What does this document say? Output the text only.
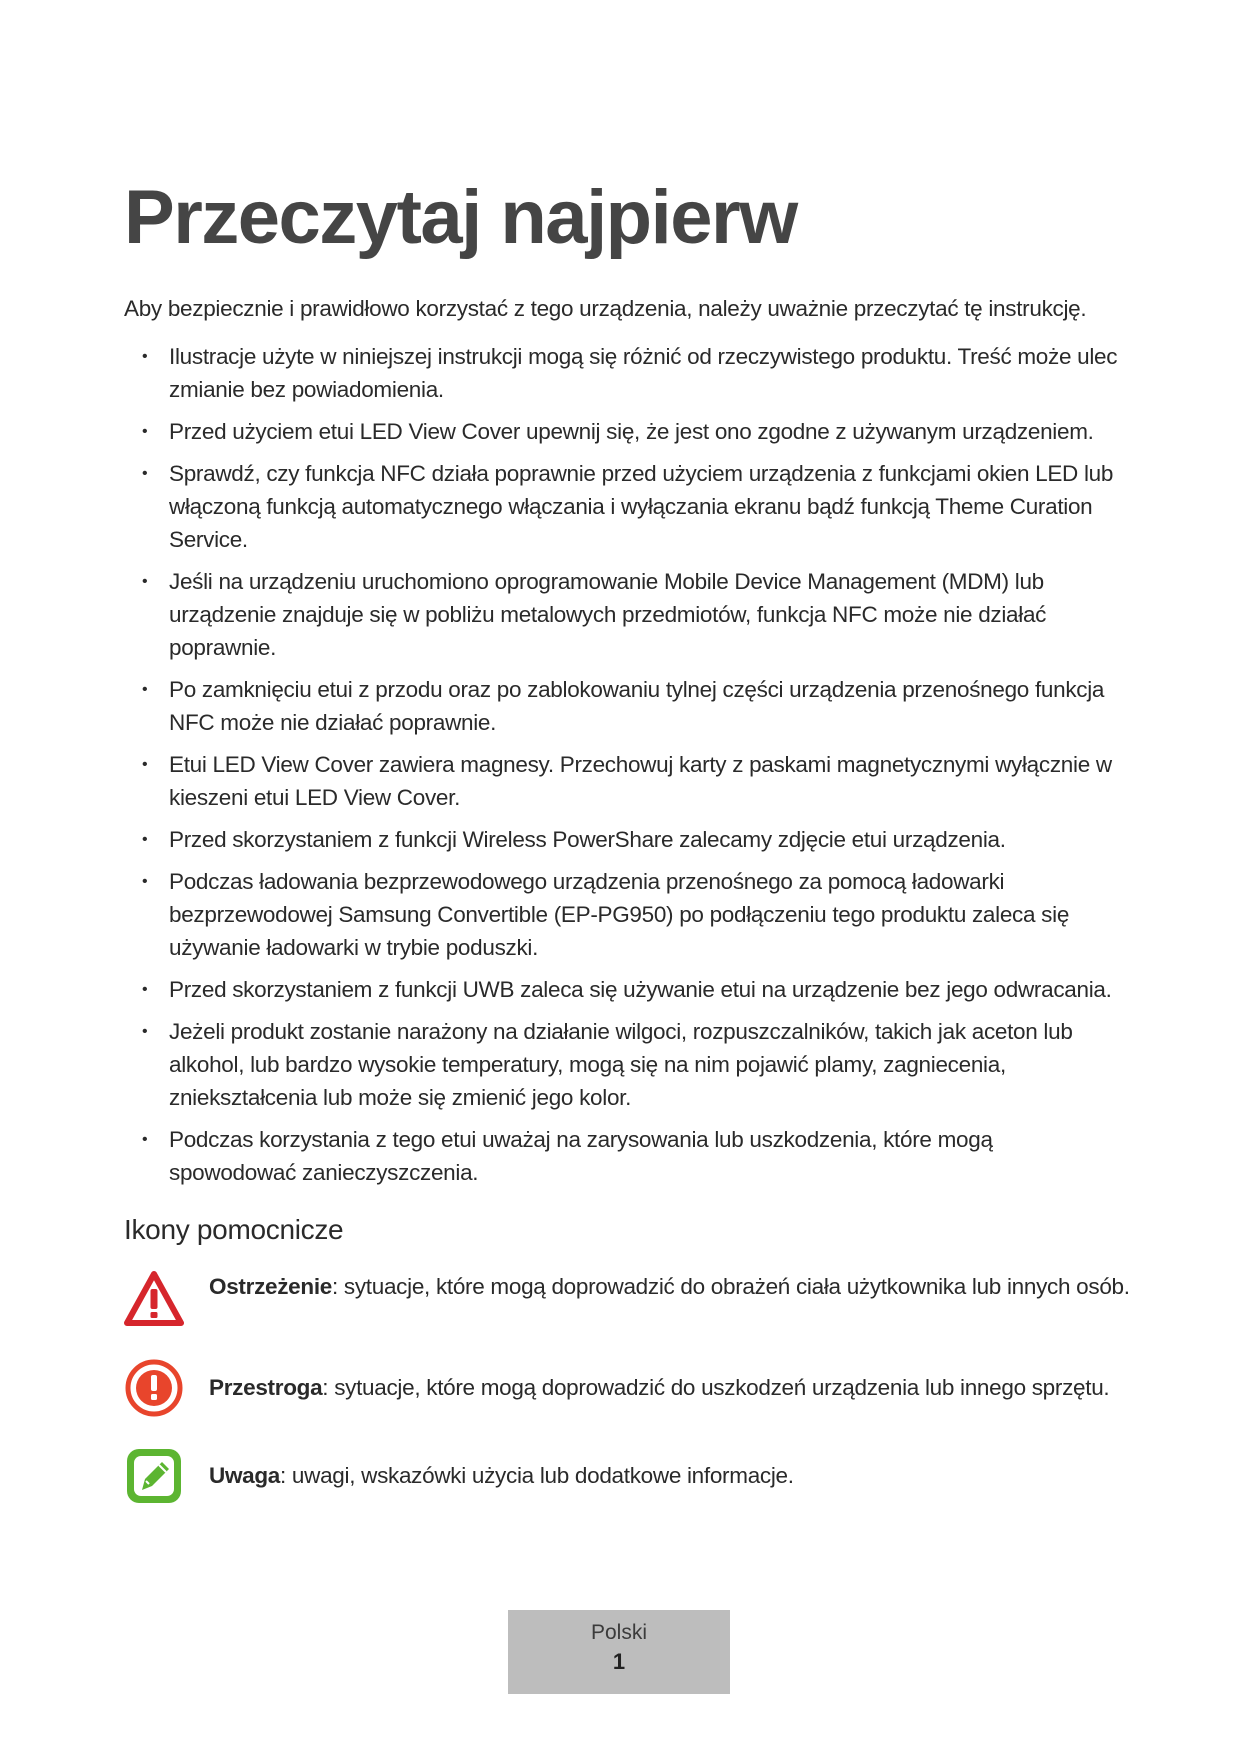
Przeczytaj najpierw

Aby bezpiecznie i prawidłowo korzystać z tego urządzenia, należy uważnie przeczytać tę instrukcję.

• Ilustracje użyte w niniejszej instrukcji mogą się różnić od rzeczywistego produktu. Treść może ulec zmianie bez powiadomienia.
• Przed użyciem etui LED View Cover upewnij się, że jest ono zgodne z używanym urządzeniem.
• Sprawdź, czy funkcja NFC działa poprawnie przed użyciem urządzenia z funkcjami okien LED lub włączoną funkcją automatycznego włączania i wyłączania ekranu bądź funkcją Theme Curation Service.
• Jeśli na urządzeniu uruchomiono oprogramowanie Mobile Device Management (MDM) lub urządzenie znajduje się w pobliżu metalowych przedmiotów, funkcja NFC może nie działać poprawnie.
• Po zamknięciu etui z przodu oraz po zablokowaniu tylnej części urządzenia przenośnego funkcja NFC może nie działać poprawnie.
• Etui LED View Cover zawiera magnesy. Przechowuj karty z paskami magnetycznymi wyłącznie w kieszeni etui LED View Cover.
• Przed skorzystaniem z funkcji Wireless PowerShare zalecamy zdjęcie etui urządzenia.
• Podczas ładowania bezprzewodowego urządzenia przenośnego za pomocą ładowarki bezprzewodowej Samsung Convertible (EP-PG950) po podłączeniu tego produktu zaleca się używanie ładowarki w trybie poduszki.
• Przed skorzystaniem z funkcji UWB zaleca się używanie etui na urządzenie bez jego odwracania.
• Jeżeli produkt zostanie narażony na działanie wilgoci, rozpuszczalników, takich jak aceton lub alkohol, lub bardzo wysokie temperatury, mogą się na nim pojawić plamy, zagniecenia, zniekształcenia lub może się zmienić jego kolor.
• Podczas korzystania z tego etui uważaj na zarysowania lub uszkodzenia, które mogą spowodować zanieczyszczenia.
Ikony pomocnicze
Ostrzeżenie: sytuacje, które mogą doprowadzić do obrażeń ciała użytkownika lub innych osób.
Przestroga: sytuacje, które mogą doprowadzić do uszkodzeń urządzenia lub innego sprzętu.
Uwaga: uwagi, wskazówki użycia lub dodatkowe informacje.
Polski
1
